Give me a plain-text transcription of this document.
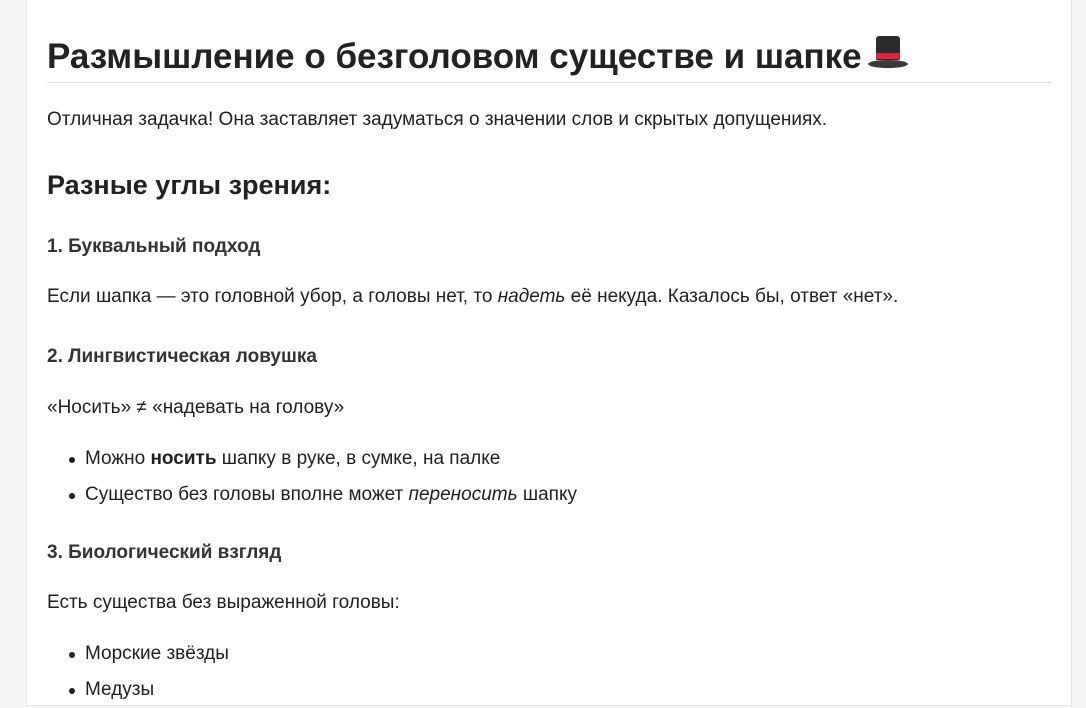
Размышление о безголовом существе и шапке

Отличная задачка! Она заставляет задуматься о значении слов и скрытых допущениях.

Разные углы зрения:
1. Буквальный подход

Если шапка — это головной убор, а головы нет, то надеть её некуда. Казалось бы, ответ «нет».

2. Лингвистическая ловушка

«Носить» ≠ «надевать на голову»

Можно носить шапку в руке, в сумке, на палке
Существо без головы вполне может переносить шапку
3. Биологический взгляд

Есть существа без выраженной головы:

Морские звёзды
Медузы
